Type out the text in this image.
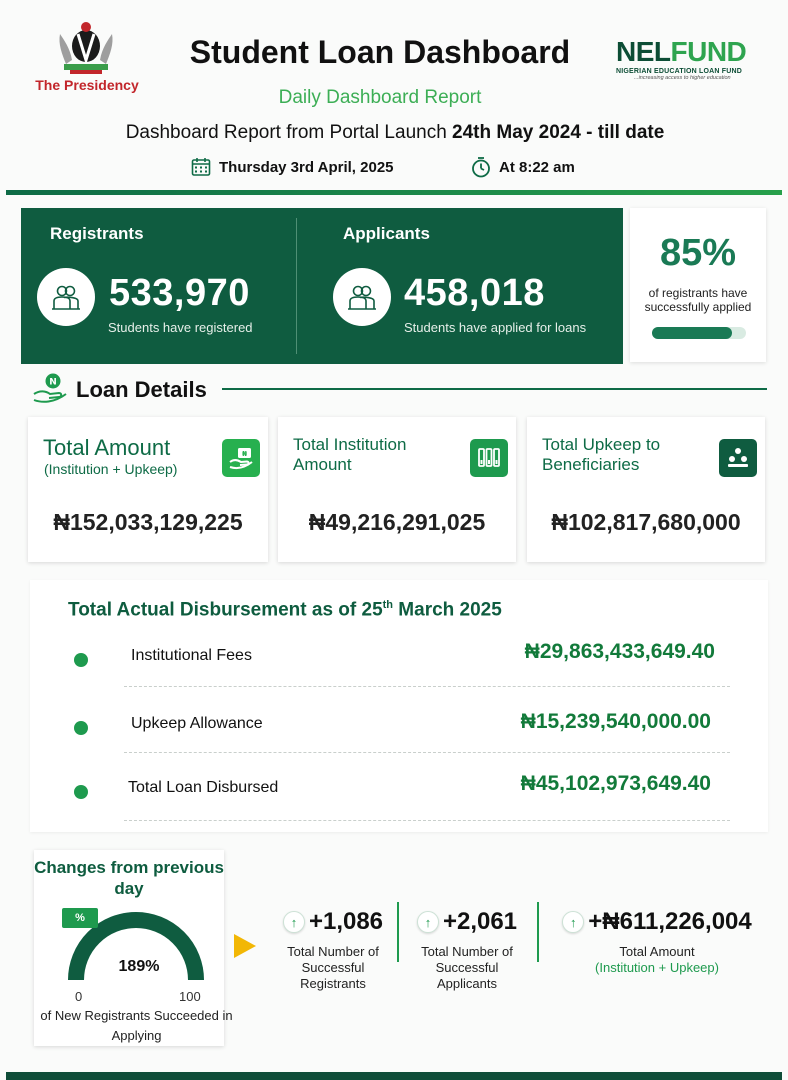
The Presidency
Student Loan Dashboard
Daily Dashboard Report
Dashboard Report from Portal Launch 24th May 2024 - till date
Thursday 3rd April, 2025	At 8:22 am
NELFUND
NIGERIAN EDUCATION LOAN FUND
...increasing access to higher education
Registrants
533,970
Students have registered
Applicants
458,018
Students have applied for loans
85%
of registrants have successfully applied
N Loan Details
Total Amount
(Institution + Upkeep)
₦
₦152,033,129,225
Total Institution
Amount
₦49,216,291,025
Total Upkeep to
Beneficiaries
₦102,817,680,000
Total Actual Disbursement as of 25th March 2025
Institutional Fees	₦29,863,433,649.40
Upkeep Allowance	₦15,239,540,000.00
Total Loan Disbursed	₦45,102,973,649.40
Changes from previous day
%
189%
0	100
of New Registrants Succeeded in Applying
↑ +1,086
Total Number of Successful Registrants
↑ +2,061
Total Number of Successful Applicants
↑ +₦611,226,004
Total Amount
(Institution + Upkeep)
